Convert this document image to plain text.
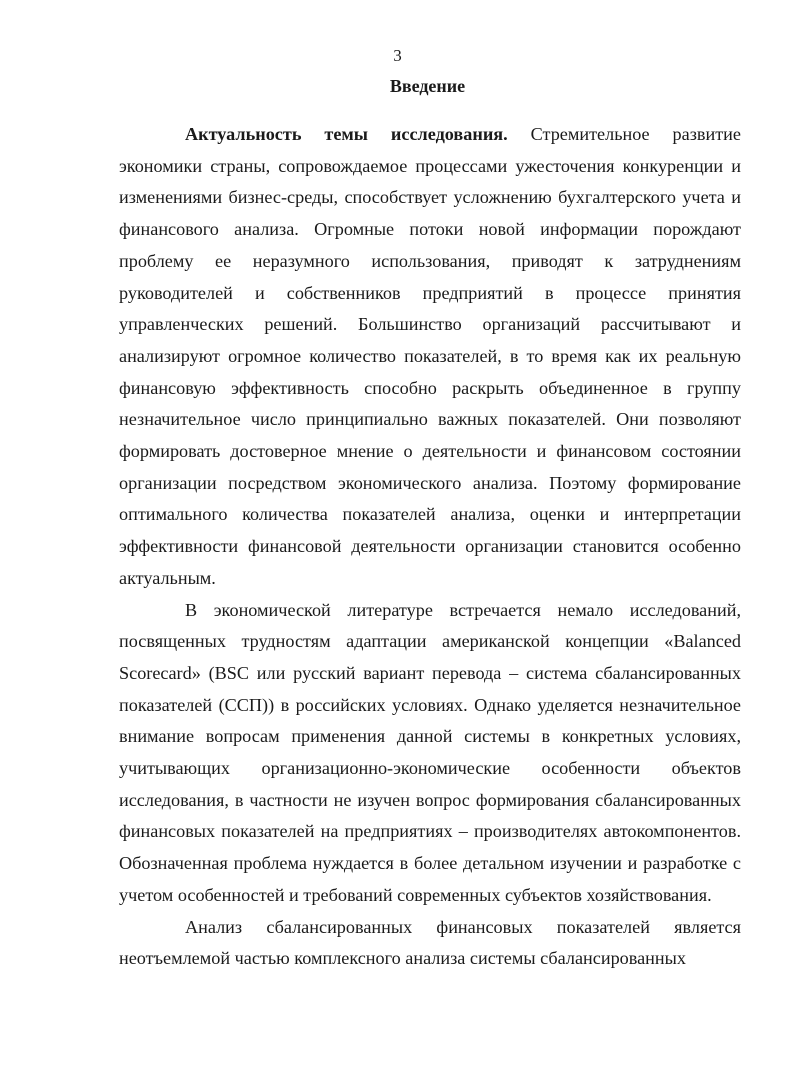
3
Введение

Актуальность темы исследования. Стремительное развитие экономики страны, сопровождаемое процессами ужесточения конкуренции и изменениями бизнес-среды, способствует усложнению бухгалтерского учета и финансового анализа. Огромные потоки новой информации порождают проблему ее неразумного использования, приводят к затруднениям руководителей и собственников предприятий в процессе принятия управленческих решений. Большинство организаций рассчитывают и анализируют огромное количество показателей, в то время как их реальную финансовую эффективность способно раскрыть объединенное в группу незначительное число принципиально важных показателей. Они позволяют формировать достоверное мнение о деятельности и финансовом состоянии организации посредством экономического анализа. Поэтому формирование оптимального количества показателей анализа, оценки и интерпретации эффективности финансовой деятельности организации становится особенно актуальным.

В экономической литературе встречается немало исследований, посвященных трудностям адаптации американской концепции «Balanced Scorecard» (BSC или русский вариант перевода – система сбалансированных показателей (ССП)) в российских условиях. Однако уделяется незначительное внимание вопросам применения данной системы в конкретных условиях, учитывающих организационно-экономические особенности объектов исследования, в частности не изучен вопрос формирования сбалансированных финансовых показателей на предприятиях – производителях автокомпонентов. Обозначенная проблема нуждается в более детальном изучении и разработке с учетом особенностей и требований современных субъектов хозяйствования.

Анализ сбалансированных финансовых показателей является неотъемлемой частью комплексного анализа системы сбалансированных
